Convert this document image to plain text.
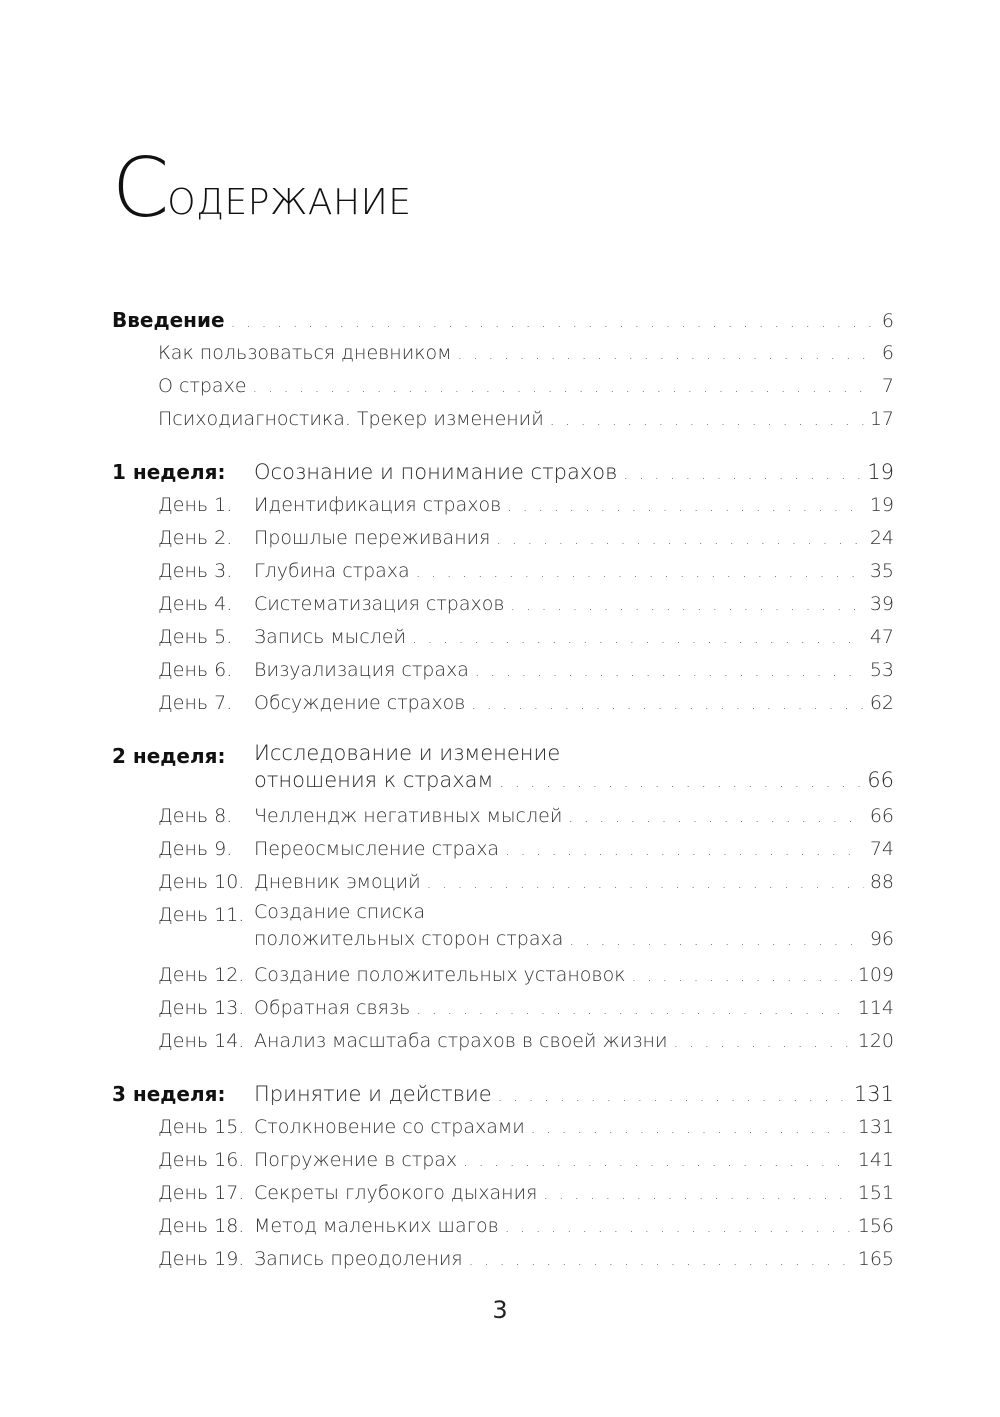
СОДЕРЖАНИЕ
Введение . . .	6
Как пользоваться дневником . . .	6
О страхе . . .	7
Психодиагностика. Трекер изменений . . .	17
1 неделя: Осознание и понимание страхов . . .	19
День 1. Идентификация страхов . . .	19
День 2. Прошлые переживания . . .	24
День 3. Глубина страха . . .	35
День 4. Систематизация страхов . . .	39
День 5. Запись мыслей . . .	47
День 6. Визуализация страха . . .	53
День 7. Обсуждение страхов . . .	62
2 неделя: Исследование и изменение
отношения к страхам . . .	66
День 8. Челлендж негативных мыслей . . .	66
День 9. Переосмысление страха . . .	74
День 10. Дневник эмоций . . .	88
День 11. Создание списка
положительных сторон страха . . .	96
День 12. Создание положительных установок . . .	109
День 13. Обратная связь . . .	114
День 14. Анализ масштаба страхов в своей жизни . . .	120
3 неделя: Принятие и действие . . .	131
День 15. Столкновение со страхами . . .	131
День 16. Погружение в страх . . .	141
День 17. Секреты глубокого дыхания . . .	151
День 18. Метод маленьких шагов . . .	156
День 19. Запись преодоления . . .	165
3
